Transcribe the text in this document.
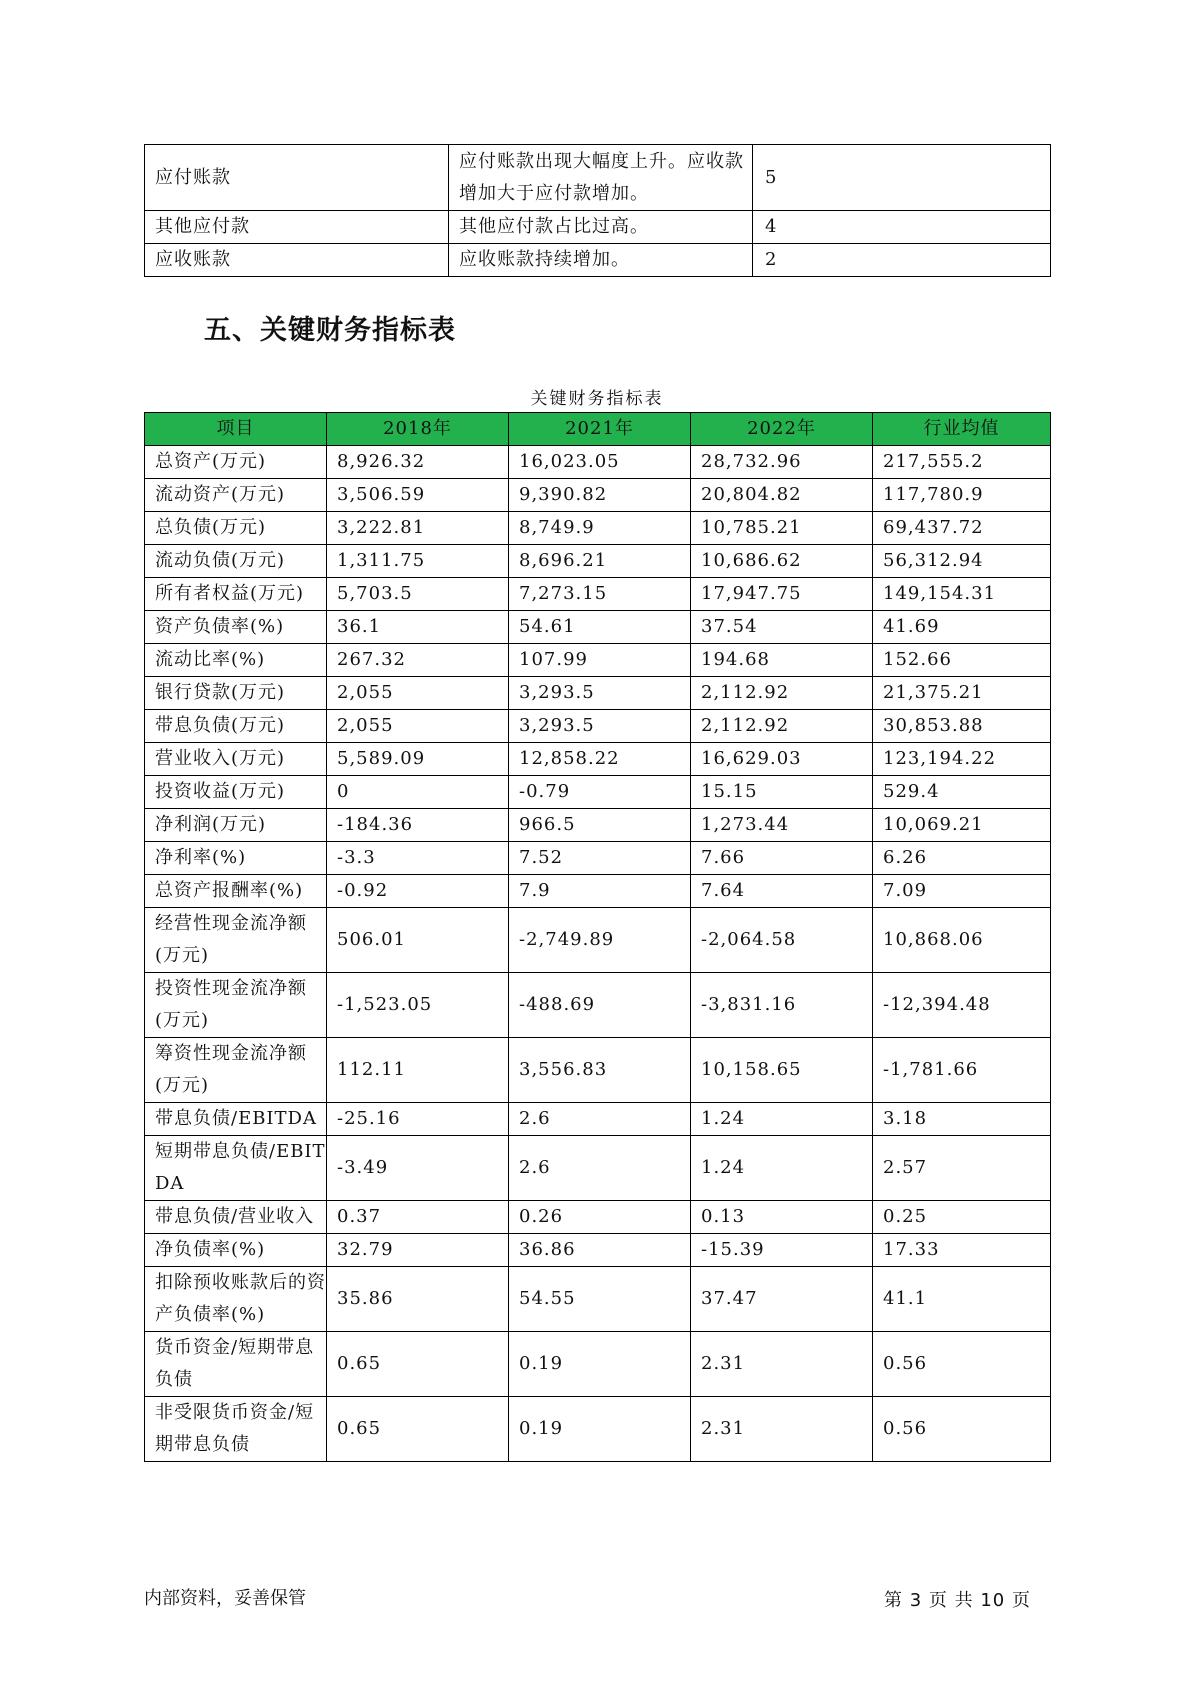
应付账款	应付账款出现大幅度上升。应收款增加大于应付款增加。	5
其他应付款	其他应付款占比过高。	4
应收账款	应收账款持续增加。	2
五、关键财务指标表
关键财务指标表
项目	2018年	2021年	2022年	行业均值
总资产(万元)	8,926.32	16,023.05	28,732.96	217,555.2
流动资产(万元)	3,506.59	9,390.82	20,804.82	117,780.9
总负债(万元)	3,222.81	8,749.9	10,785.21	69,437.72
流动负债(万元)	1,311.75	8,696.21	10,686.62	56,312.94
所有者权益(万元)	5,703.5	7,273.15	17,947.75	149,154.31
资产负债率(%)	36.1	54.61	37.54	41.69
流动比率(%)	267.32	107.99	194.68	152.66
银行贷款(万元)	2,055	3,293.5	2,112.92	21,375.21
带息负债(万元)	2,055	3,293.5	2,112.92	30,853.88
营业收入(万元)	5,589.09	12,858.22	16,629.03	123,194.22
投资收益(万元)	0	-0.79	15.15	529.4
净利润(万元)	-184.36	966.5	1,273.44	10,069.21
净利率(%)	-3.3	7.52	7.66	6.26
总资产报酬率(%)	-0.92	7.9	7.64	7.09
经营性现金流净额(万元)	506.01	-2,749.89	-2,064.58	10,868.06
投资性现金流净额(万元)	-1,523.05	-488.69	-3,831.16	-12,394.48
筹资性现金流净额(万元)	112.11	3,556.83	10,158.65	-1,781.66
带息负债/EBITDA	-25.16	2.6	1.24	3.18
短期带息负债/EBITDA	-3.49	2.6	1.24	2.57
带息负债/营业收入	0.37	0.26	0.13	0.25
净负债率(%)	32.79	36.86	-15.39	17.33
扣除预收账款后的资产负债率(%)	35.86	54.55	37.47	41.1
货币资金/短期带息负债	0.65	0.19	2.31	0.56
非受限货币资金/短期带息负债	0.65	0.19	2.31	0.56
内部资料，妥善保管	第 3 页 共 10 页
